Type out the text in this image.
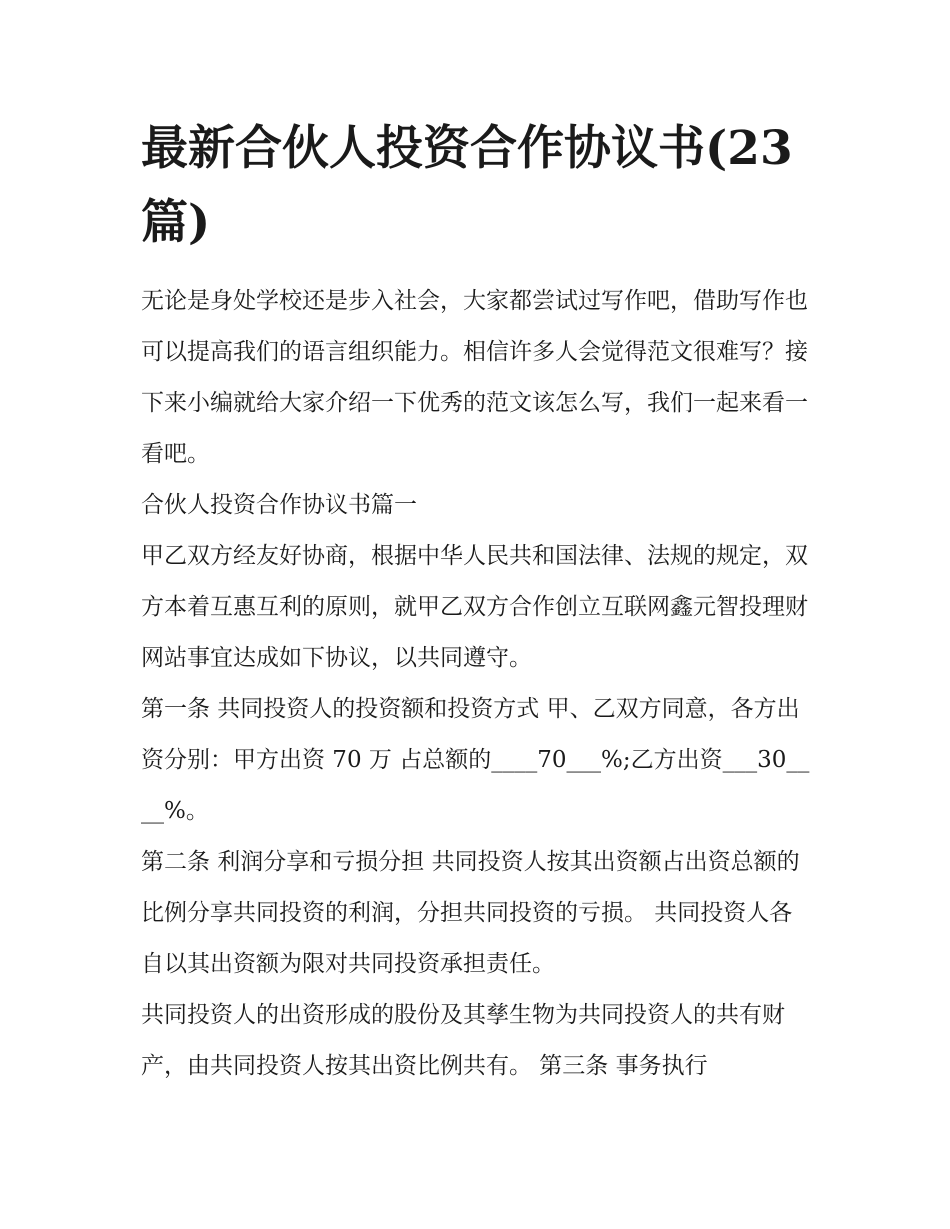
最新合伙人投资合作协议书(23篇)

无论是身处学校还是步入社会，大家都尝试过写作吧，借助写作也可以提高我们的语言组织能力。相信许多人会觉得范文很难写？接下来小编就给大家介绍一下优秀的范文该怎么写，我们一起来看一看吧。

合伙人投资合作协议书篇一

甲乙双方经友好协商，根据中华人民共和国法律、法规的规定，双方本着互惠互利的原则，就甲乙双方合作创立互联网鑫元智投理财网站事宜达成如下协议，以共同遵守。

第一条 共同投资人的投资额和投资方式 甲、乙双方同意，各方出资分别：甲方出资 70 万 占总额的____70___%;乙方出资___30____%。

第二条 利润分享和亏损分担 共同投资人按其出资额占出资总额的比例分享共同投资的利润，分担共同投资的亏损。 共同投资人各自以其出资额为限对共同投资承担责任。

共同投资人的出资形成的股份及其孳生物为共同投资人的共有财产，由共同投资人按其出资比例共有。 第三条 事务执行
